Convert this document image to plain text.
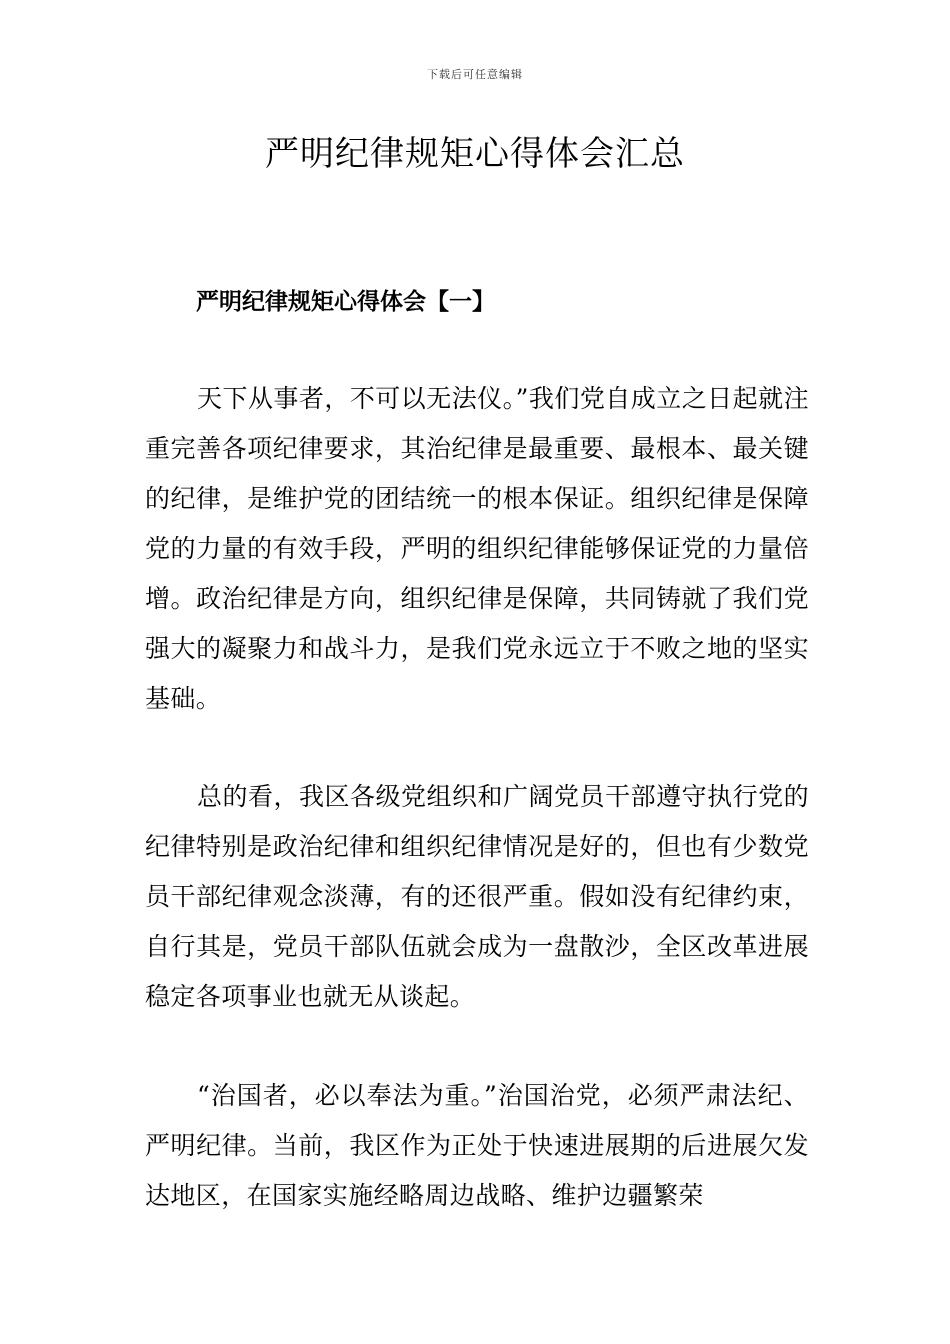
下载后可任意编辑
严明纪律规矩心得体会汇总
严明纪律规矩心得体会【一】

天下从事者，不可以无法仪。”我们党自成立之日起就注重完善各项纪律要求，其治纪律是最重要、最根本、最关键的纪律，是维护党的团结统一的根本保证。组织纪律是保障党的力量的有效手段，严明的组织纪律能够保证党的力量倍增。政治纪律是方向，组织纪律是保障，共同铸就了我们党强大的凝聚力和战斗力，是我们党永远立于不败之地的坚实基础。

总的看，我区各级党组织和广阔党员干部遵守执行党的纪律特别是政治纪律和组织纪律情况是好的，但也有少数党员干部纪律观念淡薄，有的还很严重。假如没有纪律约束，自行其是，党员干部队伍就会成为一盘散沙，全区改革进展稳定各项事业也就无从谈起。

“治国者，必以奉法为重。”治国治党，必须严肃法纪、严明纪律。当前，我区作为正处于快速进展期的后进展欠发达地区，在国家实施经略周边战略、维护边疆繁荣
